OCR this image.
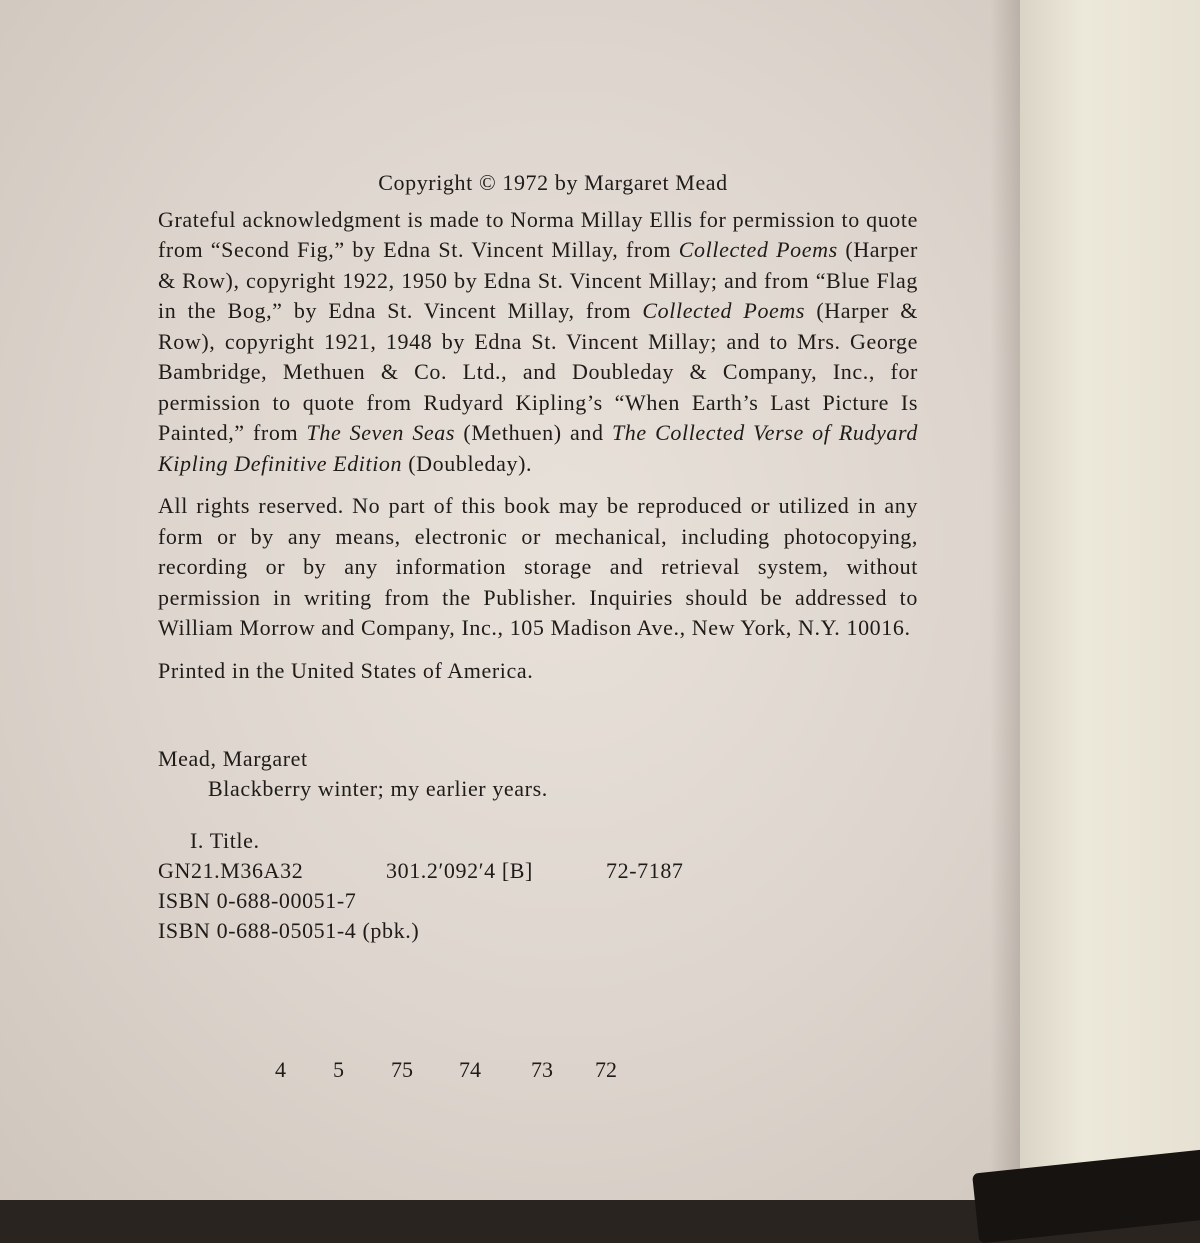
Copyright © 1972 by Margaret Mead

Grateful acknowledgment is made to Norma Millay Ellis for permission to quote from “Second Fig,” by Edna St. Vincent Millay, from Collected Poems (Harper & Row), copyright 1922, 1950 by Edna St. Vincent Millay; and from “Blue Flag in the Bog,” by Edna St. Vincent Millay, from Collected Poems (Harper & Row), copyright 1921, 1948 by Edna St. Vincent Millay; and to Mrs. George Bambridge, Methuen & Co. Ltd., and Doubleday & Company, Inc., for permission to quote from Rudyard Kipling’s “When Earth’s Last Picture Is Painted,” from The Seven Seas (Methuen) and The Collected Verse of Rudyard Kipling Definitive Edition (Doubleday).

All rights reserved. No part of this book may be reproduced or utilized in any form or by any means, electronic or mechanical, including photocopying, recording or by any information storage and retrieval system, without permission in writing from the Publisher. Inquiries should be addressed to William Morrow and Company, Inc., 105 Madison Ave., New York, N.Y. 10016.

Printed in the United States of America.

Mead, Margaret
Blackberry winter; my earlier years.
I. Title.
GN21.M36A32	301.2′092′4 [B]	72-7187
ISBN 0-688-00051-7
ISBN 0-688-05051-4 (pbk.)
4	5	75	74	73	72
